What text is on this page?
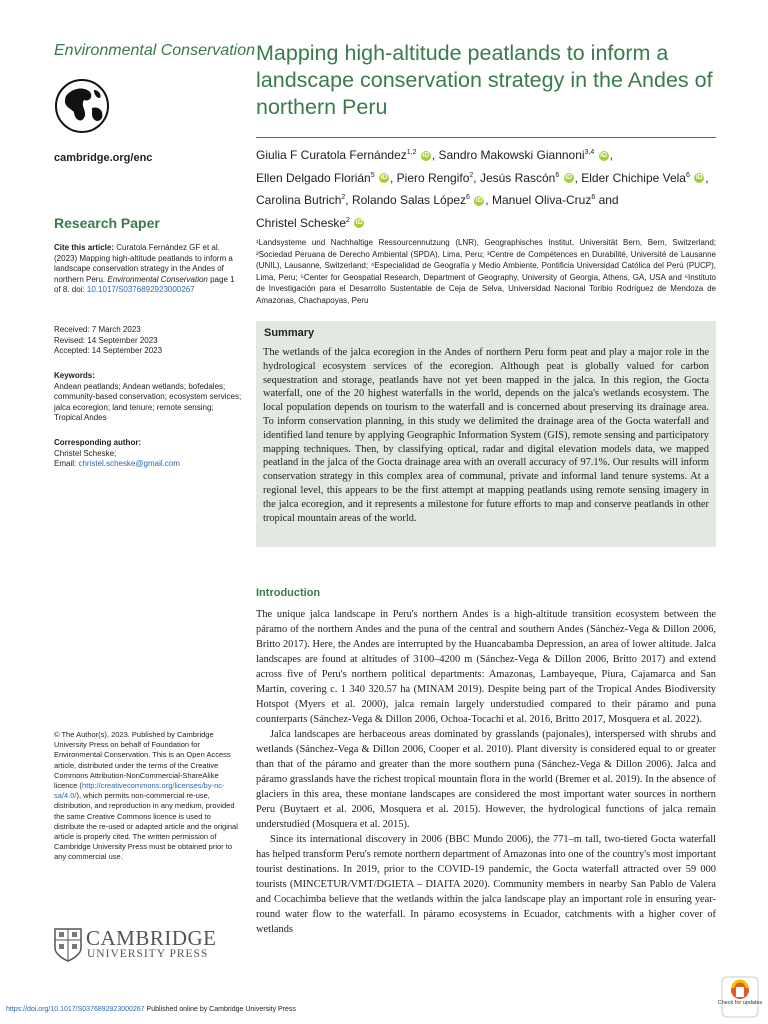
Environmental Conservation
cambridge.org/enc
Research Paper
Cite this article: Curatola Fernández GF et al. (2023) Mapping high-altitude peatlands to inform a landscape conservation strategy in the Andes of northern Peru. Environmental Conservation page 1 of 8. doi: 10.1017/S0376892923000267
Received: 7 March 2023
Revised: 14 September 2023
Accepted: 14 September 2023
Keywords:
Andean peatlands; Andean wetlands; bofedales; community-based conservation; ecosystem services; jalca ecoregion; land tenure; remote sensing; Tropical Andes
Corresponding author:
Christel Scheske;
Email: christel.scheske@gmail.com
© The Author(s), 2023. Published by Cambridge University Press on behalf of Foundation for Environmental Conservation. This is an Open Access article, distributed under the terms of the Creative Commons Attribution-NonCommercial-ShareAlike licence (http://creativecommons.org/licenses/by-nc-sa/4.0/), which permits non-commercial re-use, distribution, and reproduction in any medium, provided the same Creative Commons licence is used to distribute the re-used or adapted article and the original article is properly cited. The written permission of Cambridge University Press must be obtained prior to any commercial use.
CAMBRIDGE
UNIVERSITY PRESS
https://doi.org/10.1017/S0376892923000267 Published online by Cambridge University Press
Mapping high-altitude peatlands to inform a landscape conservation strategy in the Andes of northern Peru
Giulia F Curatola Fernández$^{1,2}$ iD , Sandro Makowski Giannoni$^{3,4}$ iD ,
Ellen Delgado Florián$^5$ iD , Piero Rengifo$^2$, Jesús Rascón$^6$ iD , Elder Chichipe Vela$^6$ iD ,
Carolina Butrich$^2$, Rolando Salas López$^6$ iD , Manuel Oliva-Cruz$^6$ and
Christel Scheske$^2$ iD
¹Landsysteme und Nachhaltige Ressourcennutzung (LNR), Geographisches Institut, Universität Bern, Bern, Switzerland; ²Sociedad Peruana de Derecho Ambiental (SPDA), Lima, Peru; ³Centre de Compétences en Durabilité, Université de Lausanne (UNIL), Lausanne, Switzerland; ⁴Especialidad de Geografía y Medio Ambiente, Pontificia Universidad Católica del Perú (PUCP), Lima, Peru; ⁵Center for Geospatial Research, Department of Geography, University of Georgia, Athens, GA, USA and ⁶Instituto de Investigación para el Desarrollo Sustentable de Ceja de Selva, Universidad Nacional Toribio Rodríguez de Mendoza de Amazonas, Chachapoyas, Peru
Summary
The wetlands of the jalca ecoregion in the Andes of northern Peru form peat and play a major role in the hydrological ecosystem services of the ecoregion. Although peat is globally valued for carbon sequestration and storage, peatlands have not yet been mapped in the jalca. In this region, the Gocta waterfall, one of the 20 highest waterfalls in the world, depends on the jalca's wetlands ecosystem. The local population depends on tourism to the waterfall and is concerned about preserving its drainage area. To inform conservation planning, in this study we delimited the drainage area of the Gocta waterfall and identified land tenure by applying Geographic Information System (GIS), remote sensing and participatory mapping techniques. Then, by classifying optical, radar and digital elevation models data, we mapped peatland in the jalca of the Gocta drainage area with an overall accuracy of 97.1%. Our results will inform conservation strategy in this complex area of communal, private and informal land tenure systems. At a regional level, this appears to be the first attempt at mapping peatlands using remote sensing imagery in the jalca ecoregion, and it represents a milestone for future efforts to map and conserve peatlands in other tropical mountain areas of the world.
Introduction

The unique jalca landscape in Peru's northern Andes is a high-altitude transition ecosystem between the páramo of the northern Andes and the puna of the central and southern Andes (Sánchez-Vega & Dillon 2006, Britto 2017). Here, the Andes are interrupted by the Huancabamba Depression, an area of lower altitude. Jalca landscapes are found at altitudes of 3100–4200 m (Sánchez-Vega & Dillon 2006, Britto 2017) and extend across five of Peru's northern political departments: Amazonas, Lambayeque, Piura, Cajamarca and San Martín, covering c. 1 340 320.57 ha (MINAM 2019). Despite being part of the Tropical Andes Biodiversity Hotspot (Myers et al. 2000), jalca remain largely understudied compared to their páramo and puna counterparts (Sánchez-Vega & Dillon 2006, Ochoa-Tocachi et al. 2016, Britto 2017, Mosquera et al. 2022).

Jalca landscapes are herbaceous areas dominated by grasslands (pajonales), interspersed with shrubs and wetlands (Sánchez-Vega & Dillon 2006, Cooper et al. 2010). Plant diversity is considered equal to or greater than that of the páramo and greater than the more southern puna (Sánchez-Vega & Dillon 2006). Jalca and páramo grasslands have the richest tropical mountain flora in the world (Bremer et al. 2019). In the absence of glaciers in this area, these montane landscapes are considered the most important water sources in northern Peru (Buytaert et al. 2006, Mosquera et al. 2015). However, the hydrological functions of jalca remain understudied (Mosquera et al. 2015).

Since its international discovery in 2006 (BBC Mundo 2006), the 771–m tall, two-tiered Gocta waterfall has helped transform Peru's remote northern department of Amazonas into one of the country's most important tourist destinations. In 2019, prior to the COVID-19 pandemic, the Gocta waterfall attracted over 59 000 tourists (MINCETUR/VMT/DGIETA – DIAITA 2020). Community members in nearby San Pablo de Valera and Cocachimba believe that the wetlands within the jalca landscape play an important role in ensuring year-round water flow to the waterfall. In páramo ecosystems in Ecuador, catchments with a higher cover of wetlands

Check for updates
